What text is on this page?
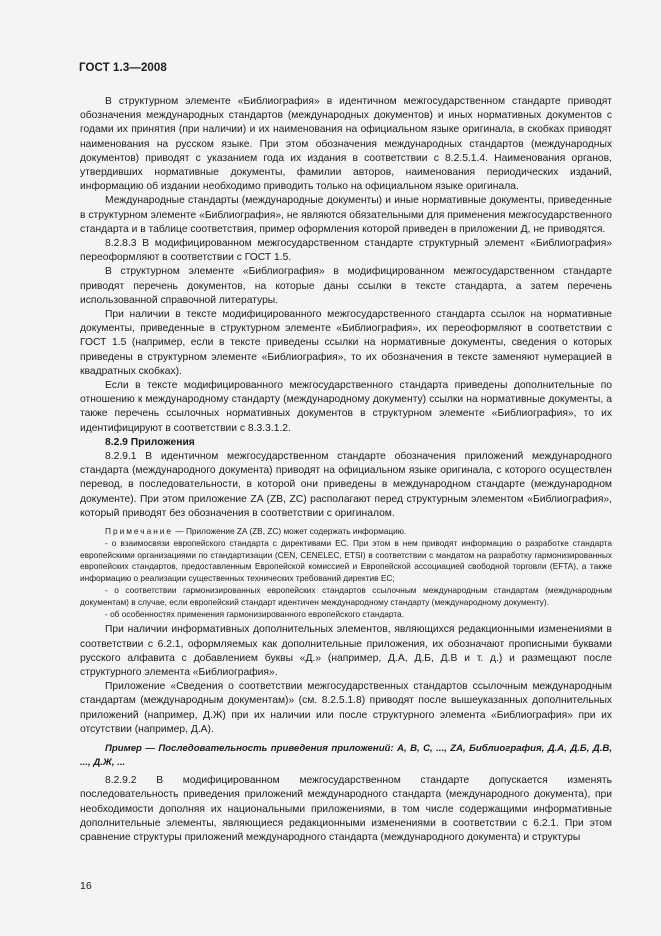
ГОСТ 1.3—2008

В структурном элементе «Библиография» в идентичном межгосударственном стандарте приводят обозначения международных стандартов (международных документов) и иных нормативных документов с годами их принятия (при наличии) и их наименования на официальном языке оригинала, в скобках приводят наименования на русском языке. При этом обозначения международных стандартов (международных документов) приводят с указанием года их издания в соответствии с 8.2.5.1.4. Наименования органов, утвердивших нормативные документы, фамилии авторов, наименования периодических изданий, информацию об издании необходимо приводить только на официальном языке оригинала.

Международные стандарты (международные документы) и иные нормативные документы, приведенные в структурном элементе «Библиография», не являются обязательными для применения межгосударственного стандарта и в таблице соответствия, пример оформления которой приведен в приложении Д, не приводятся.

8.2.8.3 В модифицированном межгосударственном стандарте структурный элемент «Библиография» переоформляют в соответствии с ГОСТ 1.5.

В структурном элементе «Библиография» в модифицированном межгосударственном стандарте приводят перечень документов, на которые даны ссылки в тексте стандарта, а затем перечень использованной справочной литературы.

При наличии в тексте модифицированного межгосударственного стандарта ссылок на нормативные документы, приведенные в структурном элементе «Библиография», их переоформляют в соответствии с ГОСТ 1.5 (например, если в тексте приведены ссылки на нормативные документы, сведения о которых приведены в структурном элементе «Библиография», то их обозначения в тексте заменяют нумерацией в квадратных скобках).

Если в тексте модифицированного межгосударственного стандарта приведены дополнительные по отношению к международному стандарту (международному документу) ссылки на нормативные документы, а также перечень ссылочных нормативных документов в структурном элементе «Библиография», то их идентифицируют в соответствии с 8.3.3.1.2.

8.2.9 Приложения

8.2.9.1 В идентичном межгосударственном стандарте обозначения приложений международного стандарта (международного документа) приводят на официальном языке оригинала, с которого осуществлен перевод, в последовательности, в которой они приведены в международном стандарте (международном документе). При этом приложение ZA (ZB, ZC) располагают перед структурным элементом «Библиография», который приводят без обозначения в соответствии с оригиналом.

Примечание — Приложение ZA (ZB, ZC) может содержать информацию.

- о взаимосвязи европейского стандарта с директивами ЕС. При этом в нем приводят информацию о разработке стандарта европейскими организациями по стандартизации (CEN, CENELEC, ETSI) в соответствии с мандатом на разработку гармонизированных европейских стандартов, предоставленным Европейской комиссией и Европейской ассоциацией свободной торговли (EFTA), а также информацию о реализации существенных технических требований директив ЕС;

- о соответствии гармонизированных европейских стандартов ссылочным международным стандартам (международным документам) в случае, если европейский стандарт идентичен международному стандарту (международному документу).

- об особенностях применения гармонизированного европейского стандарта.

При наличии информативных дополнительных элементов, являющихся редакционными изменениями в соответствии с 6.2.1, оформляемых как дополнительные приложения, их обозначают прописными буквами русского алфавита с добавлением буквы «Д.» (например, Д.А, Д.Б, Д.В и т. д.) и размещают после структурного элемента «Библиография».

Приложение «Сведения о соответствии межгосударственных стандартов ссылочным международным стандартам (международным документам)» (см. 8.2.5.1.8) приводят после вышеуказанных дополнительных приложений (например, Д.Ж) при их наличии или после структурного элемента «Библиография» при их отсутствии (например, Д.А).

Пример — Последовательность приведения приложений: А, В, С, ..., ZA, Библиография, Д.А, Д.Б, Д.В, ..., Д.Ж, ...

8.2.9.2 В модифицированном межгосударственном стандарте допускается изменять последовательность приведения приложений международного стандарта (международного документа), при необходимости дополняя их национальными приложениями, в том числе содержащими информативные дополнительные элементы, являющиеся редакционными изменениями в соответствии с 6.2.1. При этом сравнение структуры приложений международного стандарта (международного документа) и структуры

16
